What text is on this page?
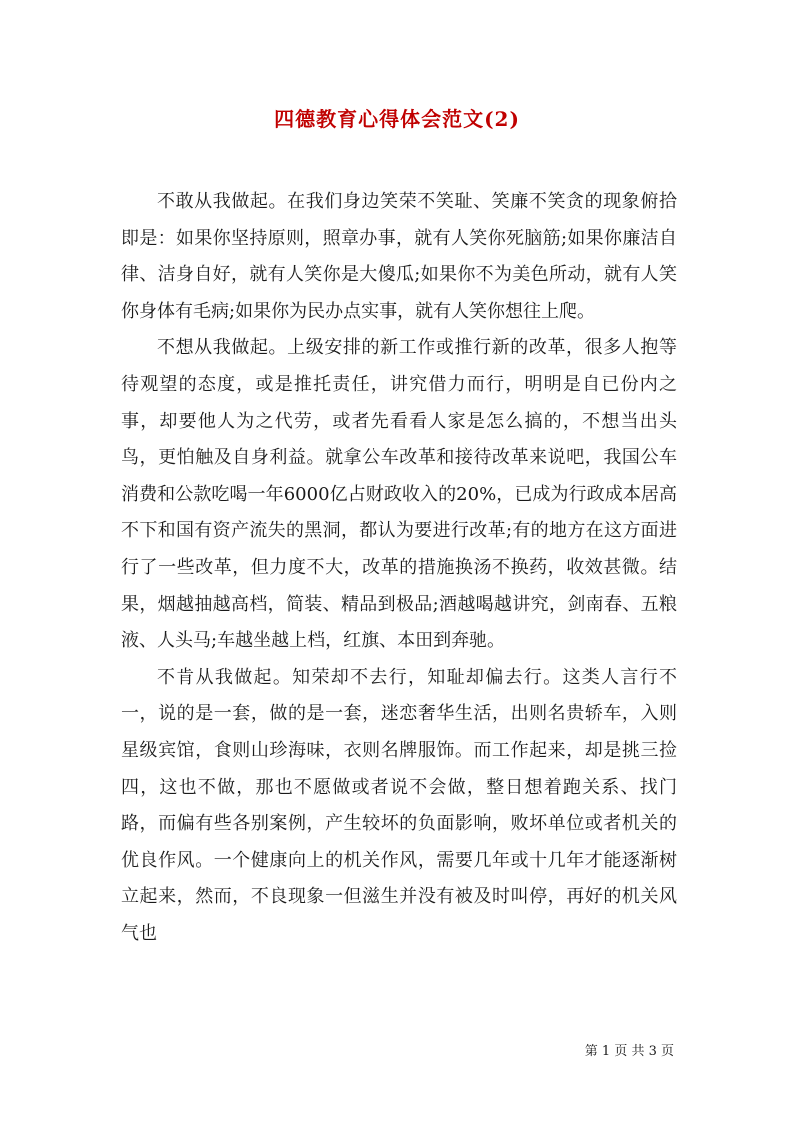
四德教育心得体会范文(2)

不敢从我做起。在我们身边笑荣不笑耻、笑廉不笑贪的现象俯拾即是：如果你坚持原则，照章办事，就有人笑你死脑筋;如果你廉洁自律、洁身自好，就有人笑你是大傻瓜;如果你不为美色所动，就有人笑你身体有毛病;如果你为民办点实事，就有人笑你想往上爬。

不想从我做起。上级安排的新工作或推行新的改革，很多人抱等待观望的态度，或是推托责任，讲究借力而行，明明是自已份内之事，却要他人为之代劳，或者先看看人家是怎么搞的，不想当出头鸟，更怕触及自身利益。就拿公车改革和接待改革来说吧，我国公车消费和公款吃喝一年6000亿占财政收入的20%，已成为行政成本居高不下和国有资产流失的黑洞，都认为要进行改革;有的地方在这方面进行了一些改革，但力度不大，改革的措施换汤不换药，收效甚微。结果，烟越抽越高档，简装、精品到极品;酒越喝越讲究，剑南春、五粮液、人头马;车越坐越上档，红旗、本田到奔驰。

不肯从我做起。知荣却不去行，知耻却偏去行。这类人言行不一，说的是一套，做的是一套，迷恋奢华生活，出则名贵轿车，入则星级宾馆，食则山珍海味，衣则名牌服饰。而工作起来，却是挑三捡四，这也不做，那也不愿做或者说不会做，整日想着跑关系、找门路，而偏有些各别案例，产生较坏的负面影响，败坏单位或者机关的优良作风。一个健康向上的机关作风，需要几年或十几年才能逐渐树立起来，然而，不良现象一但滋生并没有被及时叫停，再好的机关风气也

第 1 页 共 3 页
